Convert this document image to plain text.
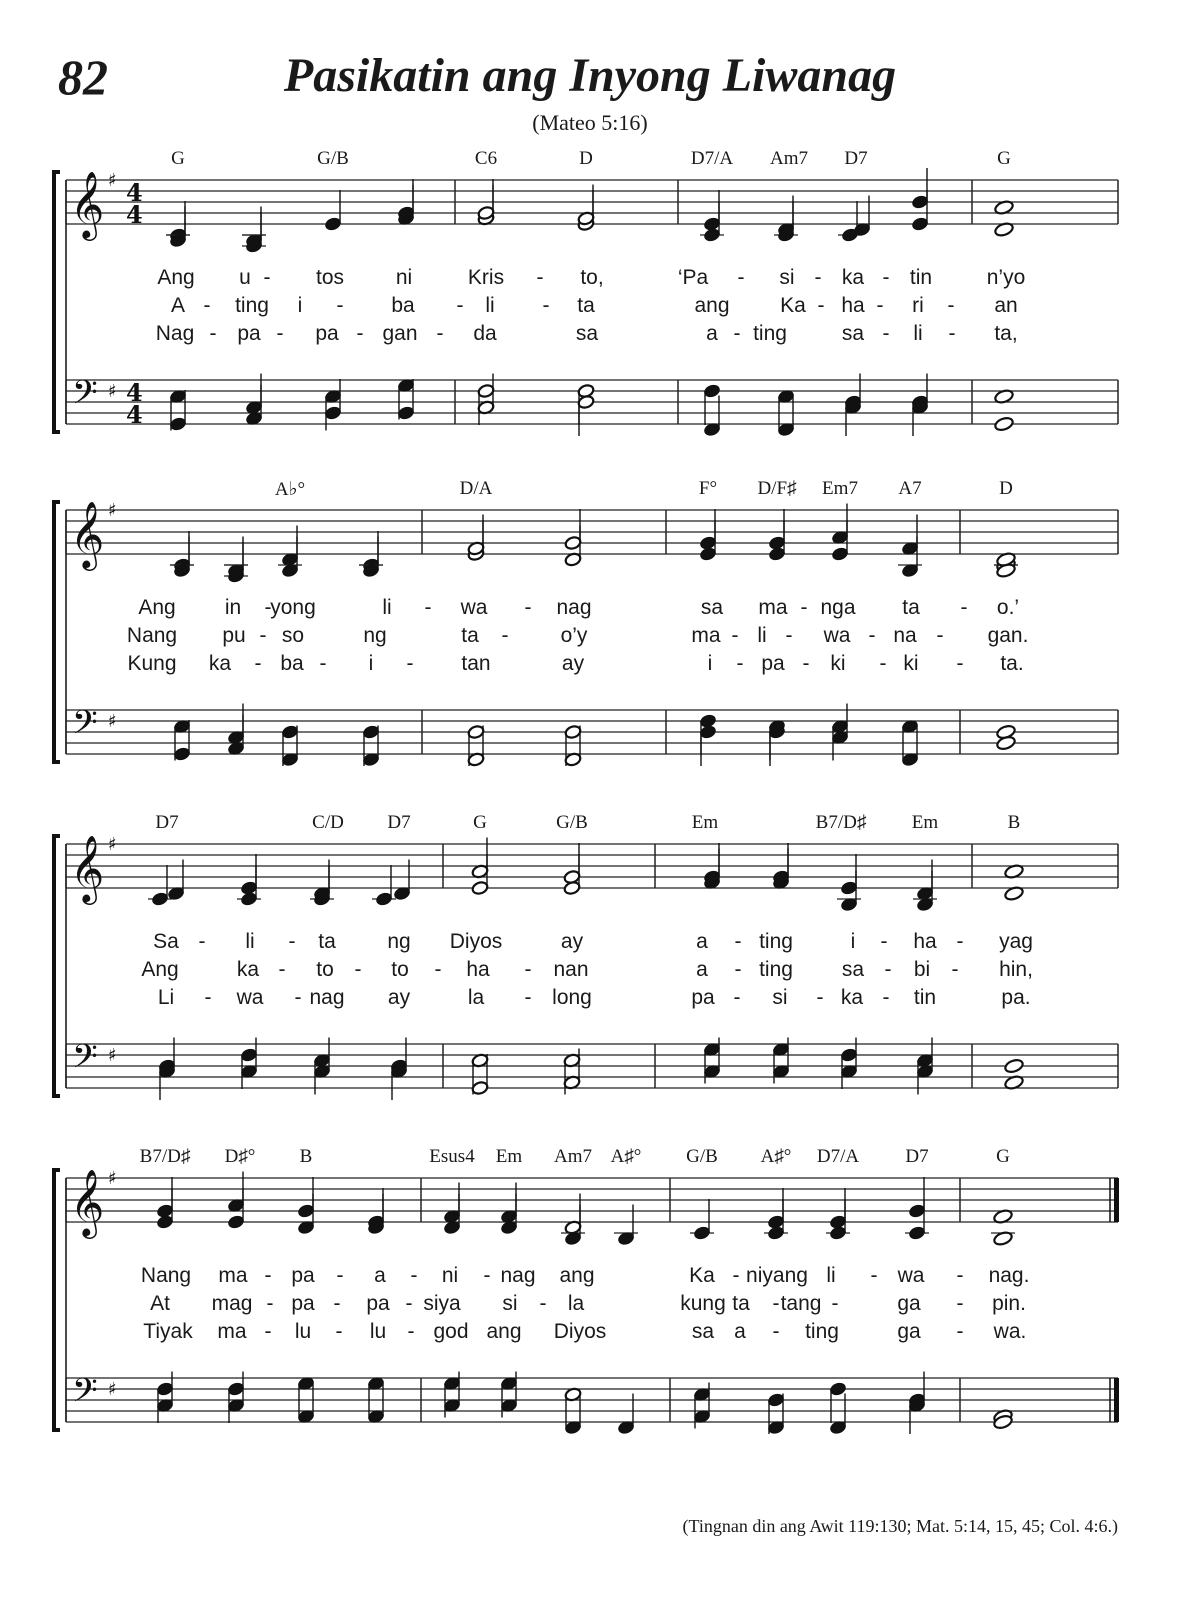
82	Pasikatin ang Inyong Liwanag
(Mateo 5:16)
𝄞 ♯ 4
4
𝄢 ♯ 4
4
G	G/B	C6	D	D7/A Am7 D7	G
Ang u - tos ni	Kris - to,	‘Pa - si - ka - tin	n’yo
A - ting i - ba - li - ta	ang Ka - ha - ri - an
Nag - pa - pa - gan - da	sa	a - ting	sa - li - ta,
𝄞 ♯
𝄢 ♯
A♭°	D/A	F° D/F♯ Em7 A7	D
Ang in -
yong	li - wa - nag	sa ma - nga ta - o.’
Nang pu - so	ng	ta - o’y	ma - li - wa - na - gan.
Kung ka - ba - i - tan	ay	i - pa - ki - ki - ta.
𝄞 ♯
𝄢 ♯
D7	C/D D7	G	G/B	Em	B7/D♯ Em	B
Sa - li - ta ng Diyos	ay	a - ting	i - ha - yag
Ang	ka - to - to - ha - nan	a - ting sa - bi - hin,
Li - wa - nag ay	la - long	pa - si - ka - tin	pa.
𝄞 ♯
𝄢 ♯
B7/D♯ D♯° B	Esus4 Em Am7 A♯° G/B A♯° D7/A D7	G
Nang ma - pa - a - ni - nag ang	Ka - niyang li - wa - nag.
At mag - pa - pa - siya si - la	kung ta - tang -	ga - pin.
Tiyak ma - lu - lu - god ang Diyos	sa a - ting	ga - wa.
(Tingnan din ang Awit 119:130; Mat. 5:14, 15, 45; Col. 4:6.)
